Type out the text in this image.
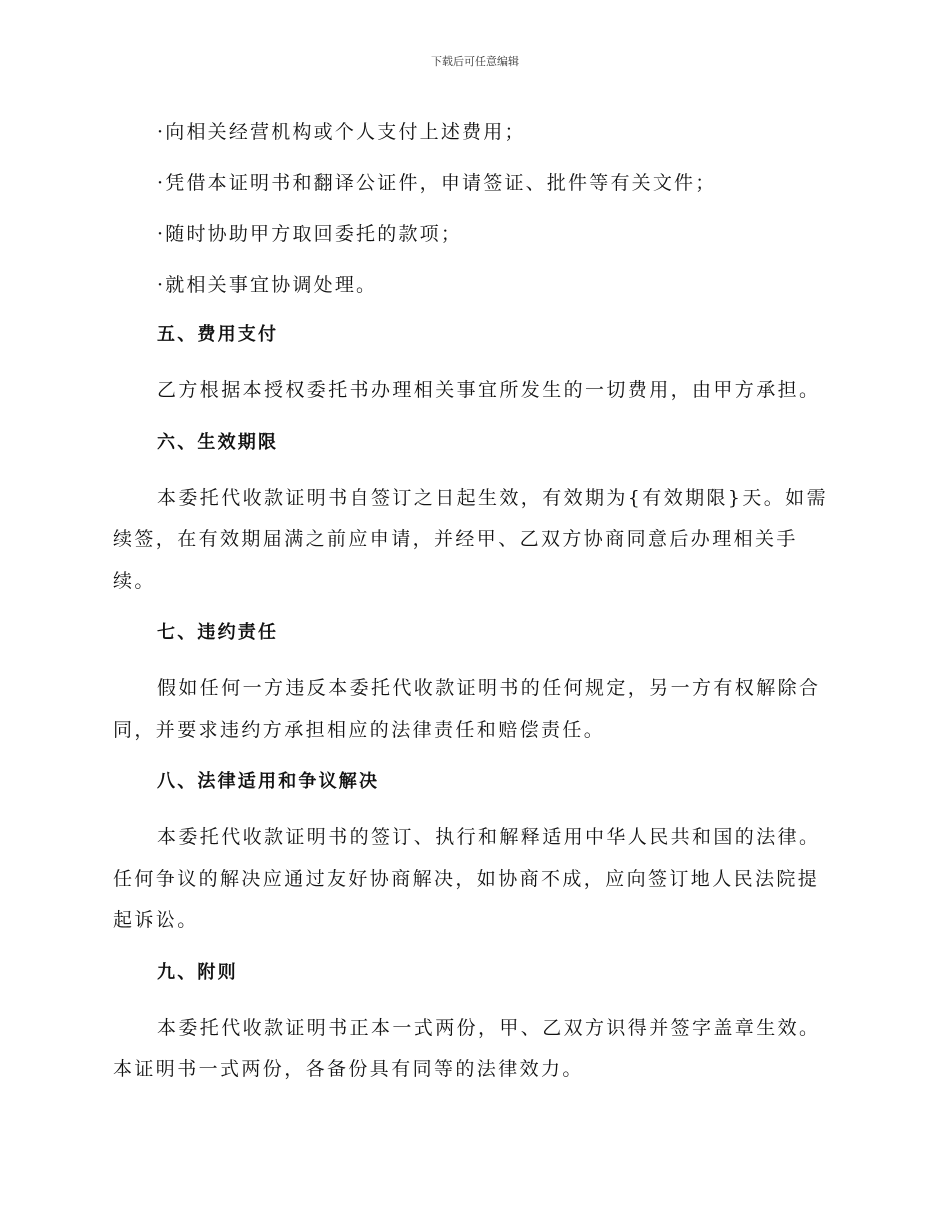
下载后可任意编辑

·向相关经营机构或个人支付上述费用；

·凭借本证明书和翻译公证件，申请签证、批件等有关文件；

·随时协助甲方取回委托的款项；

·就相关事宜协调处理。

五、费用支付

乙方根据本授权委托书办理相关事宜所发生的一切费用，由甲方承担。

六、生效期限

本委托代收款证明书自签订之日起生效，有效期为{有效期限}天。如需
续签，在有效期届满之前应申请，并经甲、乙双方协商同意后办理相关手
续。

七、违约责任

假如任何一方违反本委托代收款证明书的任何规定，另一方有权解除合
同，并要求违约方承担相应的法律责任和赔偿责任。

八、法律适用和争议解决

本委托代收款证明书的签订、执行和解释适用中华人民共和国的法律。
任何争议的解决应通过友好协商解决，如协商不成，应向签订地人民法院提
起诉讼。

九、附则

本委托代收款证明书正本一式两份，甲、乙双方识得并签字盖章生效。
本证明书一式两份，各备份具有同等的法律效力。
